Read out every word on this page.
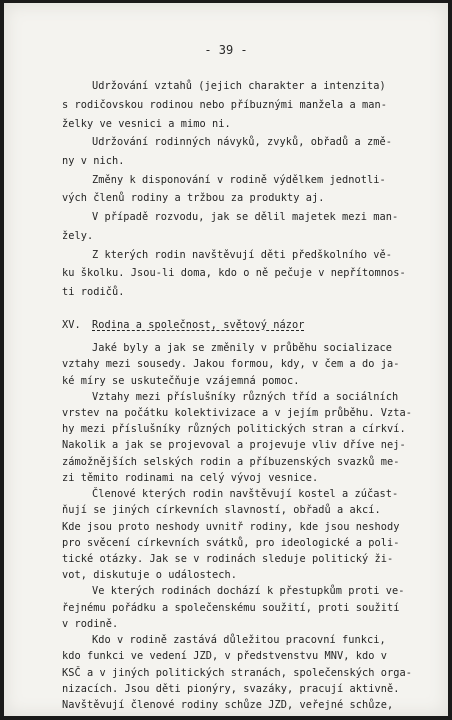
- 39 -
Udržování vztahů (jejich charakter a intenzita)
s rodičovskou rodinou nebo příbuznými manžela a man-
želky ve vesnici a mimo ni.
Udržování rodinných návyků, zvyků, obřadů a změ-
ny v nich.
Změny k disponování v rodině výdělkem jednotli-
vých členů rodiny a tržbou za produkty aj.
V případě rozvodu, jak se dělil majetek mezi man-
žely.
Z kterých rodin navštěvují děti předškolního vě-
ku školku. Jsou-li doma, kdo o ně pečuje v nepřítomnos-
ti rodičů.
XV. Rodina a společnost, světový názor
Jaké byly a jak se změnily v průběhu socializace
vztahy mezi sousedy. Jakou formou, kdy, v čem a do ja-
ké míry se uskutečňuje vzájemná pomoc.
Vztahy mezi příslušníky různých tříd a sociálních
vrstev na počátku kolektivizace a v jejím průběhu. Vzta-
hy mezi příslušníky různých politických stran a církví.
Nakolik a jak se projevoval a projevuje vliv dříve nej-
zámožnějších selských rodin a příbuzenských svazků me-
zi těmito rodinami na celý vývoj vesnice.
Členové kterých rodin navštěvují kostel a zúčast-
ňují se jiných církevních slavností, obřadů a akcí.
Kde jsou proto neshody uvnitř rodiny, kde jsou neshody
pro svěcení církevních svátků, pro ideologické a poli-
tické otázky. Jak se v rodinách sleduje politický ži-
vot, diskutuje o událostech.
Ve kterých rodinách dochází k přestupkům proti ve-
řejnému pořádku a společenskému soužití, proti soužití
v rodině.
Kdo v rodině zastává důležitou pracovní funkci,
kdo funkci ve vedení JZD, v předstvenstvu MNV, kdo v
KSČ a v jiných politických stranách, společenských orga-
nizacích. Jsou děti pionýry, svazáky, pracují aktivně.
Navštěvují členové rodiny schůze JZD, veřejné schůze,
